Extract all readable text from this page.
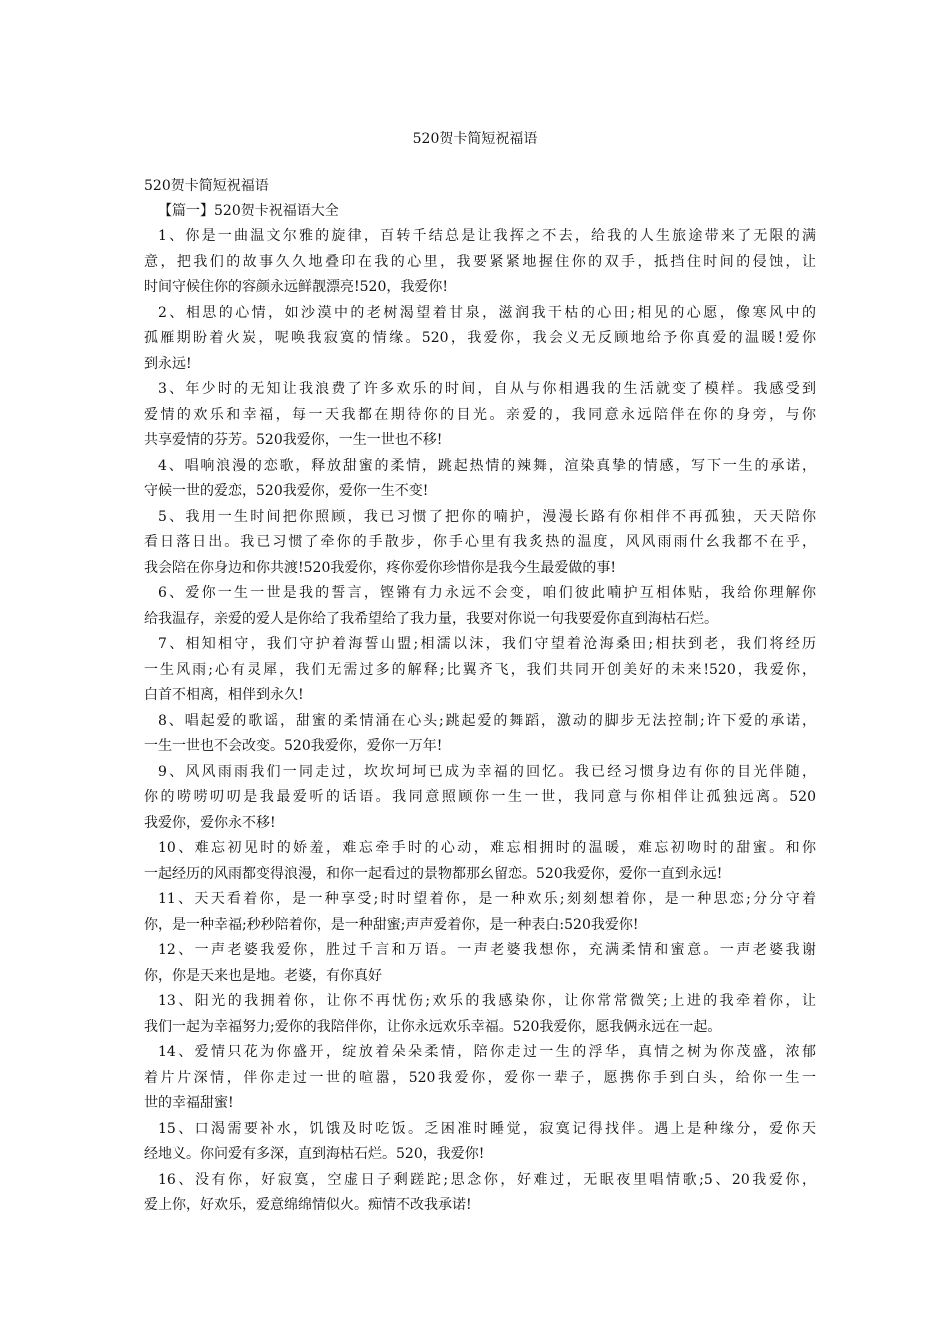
520贺卡简短祝福语
520贺卡简短祝福语
【篇一】520贺卡祝福语大全
1、你是一曲温文尔雅的旋律，百转千结总是让我挥之不去，给我的人生旅途带来了无限的满
意，把我们的故事久久地叠印在我的心里，我要紧紧地握住你的双手，抵挡住时间的侵蚀，让
时间守候住你的容颜永远鲜靓漂亮!520，我爱你!
2、相思的心情，如沙漠中的老树渴望着甘泉，滋润我干枯的心田;相见的心愿，像寒风中的
孤雁期盼着火炭，呢唤我寂寞的情缘。520，我爱你，我会义无反顾地给予你真爱的温暖!爱你
到永远!
3、年少时的无知让我浪费了许多欢乐的时间，自从与你相遇我的生活就变了模样。我感受到
爱情的欢乐和幸福，每一天我都在期待你的目光。亲爱的，我同意永远陪伴在你的身旁，与你
共享爱情的芬芳。520我爱你，一生一世也不移!
4、唱响浪漫的恋歌，释放甜蜜的柔情，跳起热情的辣舞，渲染真挚的情感，写下一生的承诺，
守候一世的爱恋，520我爱你，爱你一生不变!
5、我用一生时间把你照顾，我已习惯了把你的喃护，漫漫长路有你相伴不再孤独，天天陪你
看日落日出。我已习惯了牵你的手散步，你手心里有我炙热的温度，风风雨雨什幺我都不在乎，
我会陪在你身边和你共渡!520我爱你，疼你爱你珍惜你是我今生最爱做的事!
6、爱你一生一世是我的誓言，铿锵有力永远不会变，咱们彼此喃护互相体贴，我给你理解你
给我温存，亲爱的爱人是你给了我希望给了我力量，我要对你说一句我要爱你直到海枯石烂。
7、相知相守，我们守护着海誓山盟;相濡以沫，我们守望着沧海桑田;相扶到老，我们将经历
一生风雨;心有灵犀，我们无需过多的解释;比翼齐飞，我们共同开创美好的未来!520，我爱你，
白首不相离，相伴到永久!
8、唱起爱的歌谣，甜蜜的柔情涌在心头;跳起爱的舞蹈，激动的脚步无法控制;许下爱的承诺，
一生一世也不会改变。520我爱你，爱你一万年!
9、风风雨雨我们一同走过，坎坎坷坷已成为幸福的回忆。我已经习惯身边有你的目光伴随，
你的唠唠叨叨是我最爱听的话语。我同意照顾你一生一世，我同意与你相伴让孤独远离。520
我爱你，爱你永不移!
10、难忘初见时的娇羞，难忘牵手时的心动，难忘相拥时的温暖，难忘初吻时的甜蜜。和你
一起经历的风雨都变得浪漫，和你一起看过的景物都那幺留恋。520我爱你，爱你一直到永远!
11、天天看着你，是一种享受;时时望着你，是一种欢乐;刻刻想着你，是一种思恋;分分守着
你，是一种幸福;秒秒陪着你，是一种甜蜜;声声爱着你，是一种表白:520我爱你!
12、一声老婆我爱你，胜过千言和万语。一声老婆我想你，充满柔情和蜜意。一声老婆我谢
你，你是天来也是地。老婆，有你真好
13、阳光的我拥着你，让你不再忧伤;欢乐的我感染你，让你常常微笑;上进的我牵着你，让
我们一起为幸福努力;爱你的我陪伴你，让你永远欢乐幸福。520我爱你，愿我俩永远在一起。
14、爱情只花为你盛开，绽放着朵朵柔情，陪你走过一生的浮华，真情之树为你茂盛，浓郁
着片片深情，伴你走过一世的喧嚣，520我爱你，爱你一辈子，愿携你手到白头，给你一生一
世的幸福甜蜜!
15、口渴需要补水，饥饿及时吃饭。乏困准时睡觉，寂寞记得找伴。遇上是种缘分，爱你天
经地义。你问爱有多深，直到海枯石烂。520，我爱你!
16、没有你，好寂寞，空虚日子剩蹉跎;思念你，好难过，无眠夜里唱情歌;5、20我爱你，
爱上你，好欢乐，爱意绵绵情似火。痴情不改我承诺!
